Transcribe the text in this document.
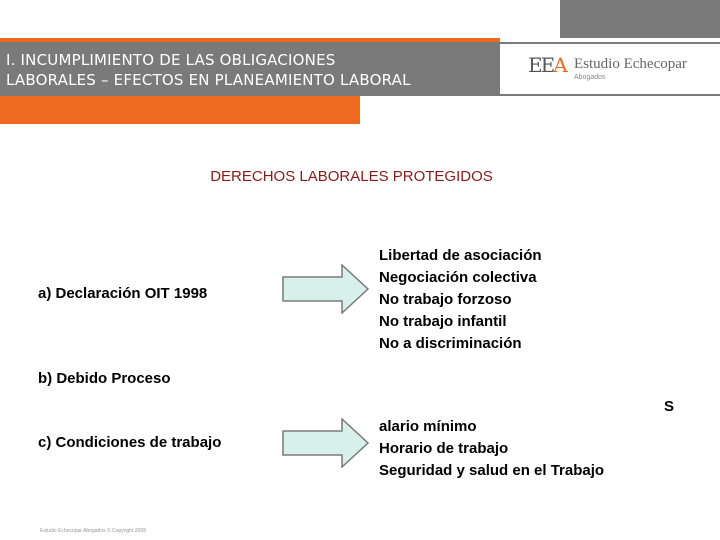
I. INCUMPLIMIENTO DE LAS OBLIGACIONES
LABORALES – EFECTOS EN PLANEAMIENTO LABORAL
EEA Estudio Echecopar
Abogados
DERECHOS LABORALES PROTEGIDOS
a) Declaración OIT 1998
Libertad de asociación
Negociación colectiva
No trabajo forzoso
No trabajo infantil
No a discriminación
b) Debido Proceso
S
c) Condiciones de trabajo
alario mínimo
Horario de trabajo
Seguridad y salud en el Trabajo
Estudio Echecopar Abogados © Copyright 2008
